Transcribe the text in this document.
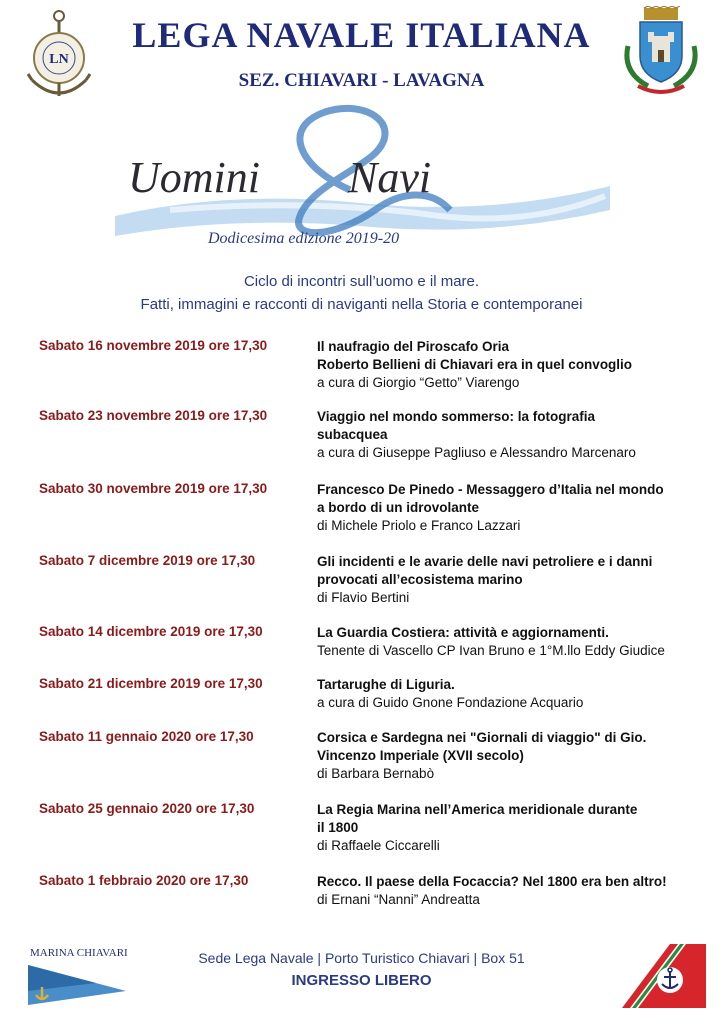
LN
LEGA NAVALE ITALIANA
SEZ. CHIAVARI - LAVAGNA
Uomini Navi
Dodicesima edizione 2019-20
Ciclo di incontri sull’uomo e il mare.
Fatti, immagini e racconti di naviganti nella Storia e contemporanei
Sabato 16 novembre 2019 ore 17,30	Il naufragio del Piroscafo Oria
Roberto Bellieni di Chiavari era in quel convoglio
a cura di Giorgio “Getto” Viarengo
Sabato 23 novembre 2019 ore 17,30	Viaggio nel mondo sommerso: la fotografia
subacquea
a cura di Giuseppe Pagliuso e Alessandro Marcenaro
Sabato 30 novembre 2019 ore 17,30	Francesco De Pinedo - Messaggero d’Italia nel mondo
a bordo di un idrovolante
di Michele Priolo e Franco Lazzari
Sabato 7 dicembre 2019 ore 17,30	Gli incidenti e le avarie delle navi petroliere e i danni
provocati all’ecosistema marino
di Flavio Bertini
Sabato 14 dicembre 2019 ore 17,30	La Guardia Costiera: attività e aggiornamenti.
Tenente di Vascello CP Ivan Bruno e 1°M.llo Eddy Giudice
Sabato 21 dicembre 2019 ore 17,30	Tartarughe di Liguria.
a cura di Guido Gnone Fondazione Acquario
Sabato 11 gennaio 2020 ore 17,30	Corsica e Sardegna nei "Giornali di viaggio" di Gio.
Vincenzo Imperiale (XVII secolo)
di Barbara Bernabò
Sabato 25 gennaio 2020 ore 17,30	La Regia Marina nell’America meridionale durante
il 1800
di Raffaele Ciccarelli
Sabato 1 febbraio 2020 ore 17,30	Recco. Il paese della Focaccia? Nel 1800 era ben altro!
di Ernani “Nanni” Andreatta
MARINA CHIAVARI	Sede Lega Navale | Porto Turistico Chiavari | Box 51
INGRESSO LIBERO
